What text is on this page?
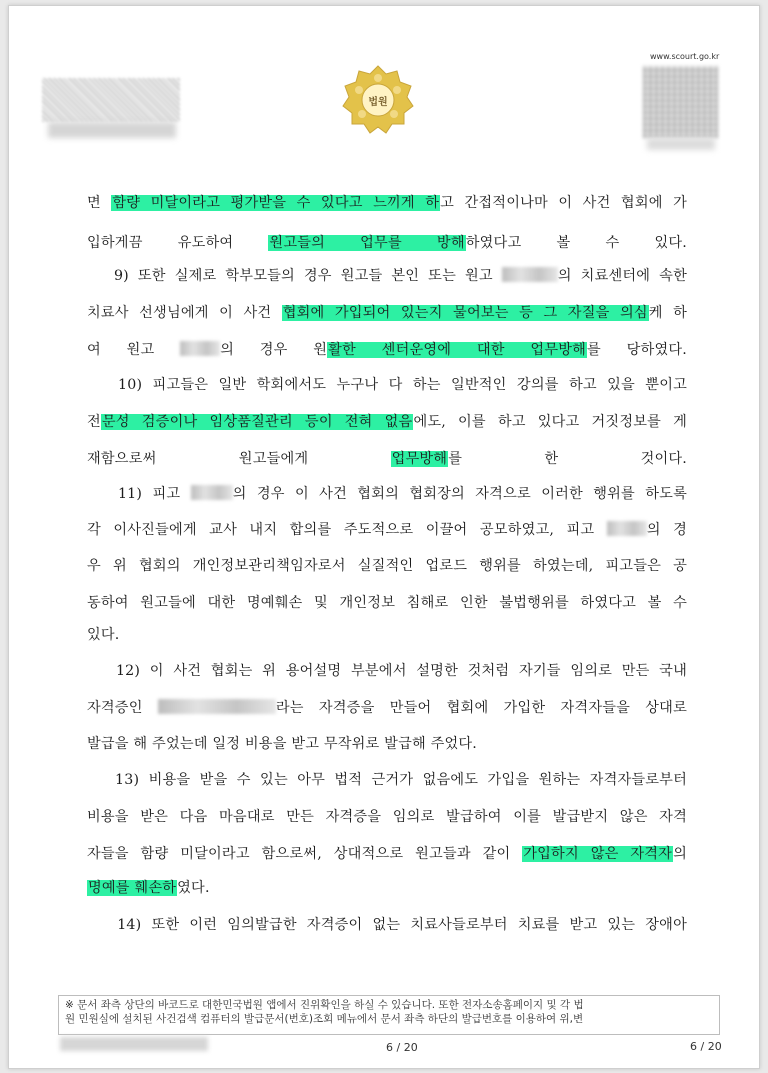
www.scourt.go.kr
법원
면 함량 미달이라고 평가받을 수 있다고 느끼게 하고 간접적이나마 이 사건 협회에 가
입하게끔 유도하여 원고들의 업무를 방해하였다고 볼 수 있다.
9) 또한 실제로 학부모들의 경우 원고들 본인 또는 원고	의 치료센터에 속한
치료사 선생님에게 이 사건 협회에 가입되어 있는지 물어보는 등 그 자질을 의심케 하
여 원고	의 경우 원활한 센터운영에 대한 업무방해를 당하였다.
10) 피고들은 일반 학회에서도 누구나 다 하는 일반적인 강의를 하고 있을 뿐이고
전문성 검증이나 임상품질관리 등이 전혀 없음에도, 이를 하고 있다고 거짓정보를 게
재함으로써 원고들에게 업무방해를 한 것이다.
11) 피고	의 경우 이 사건 협회의 협회장의 자격으로 이러한 행위를 하도록
각 이사진들에게 교사 내지 합의를 주도적으로 이끌어 공모하였고, 피고	의 경
우 위 협회의 개인정보관리책임자로서 실질적인 업로드 행위를 하였는데, 피고들은 공
동하여 원고들에 대한 명예훼손 및 개인정보 침해로 인한 불법행위를 하였다고 볼 수
있다.
12) 이 사건 협회는 위 용어설명 부분에서 설명한 것처럼 자기들 임의로 만든 국내
자격증인	라는 자격증을 만들어 협회에 가입한 자격자들을 상대로
발급을 해 주었는데 일정 비용을 받고 무작위로 발급해 주었다.
13) 비용을 받을 수 있는 아무 법적 근거가 없음에도 가입을 원하는 자격자들로부터
비용을 받은 다음 마음대로 만든 자격증을 임의로 발급하여 이를 발급받지 않은 자격
자들을 함량 미달이라고 함으로써, 상대적으로 원고들과 같이 가입하지 않은 자격자의
명예를 훼손하였다.
14) 또한 이런 임의발급한 자격증이 없는 치료사들로부터 치료를 받고 있는 장애아
※ 문서 좌측 상단의 바코드로 대한민국법원 앱에서 진위확인을 하실 수 있습니다. 또한 전자소송홈페이지 및 각 법
원 민원실에 설치된 사건검색 컴퓨터의 발급문서(번호)조회 메뉴에서 문서 좌측 하단의 발급번호를 이용하여 위,변
6 / 20	6 / 20
